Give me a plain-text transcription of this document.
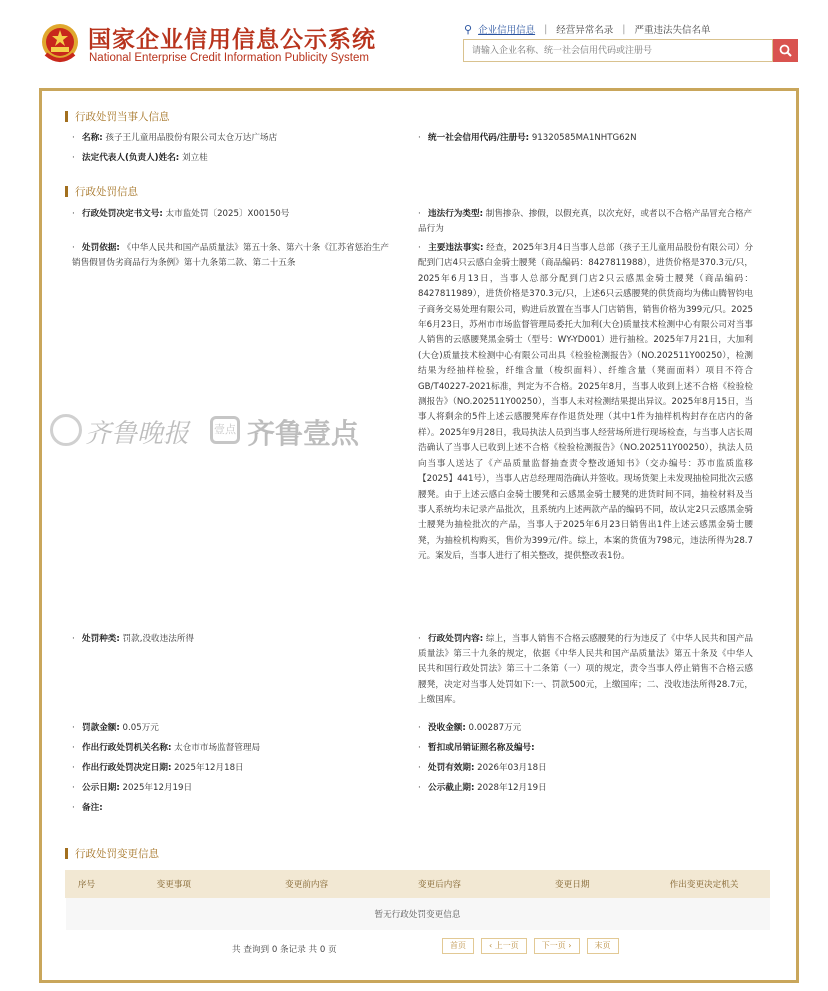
国家企业信用信息公示系统
National Enterprise Credit Information Publicity System
⚲ 企业信用信息 | 经营异常名录 | 严重违法失信名单
请输入企业名称、统一社会信用代码或注册号
行政处罚当事人信息
· 名称: 孩子王儿童用品股份有限公司太仓万达广场店	· 统一社会信用代码/注册号: 91320585MA1NHTG62N
· 法定代表人(负责人)姓名: 刘立桂
行政处罚信息
· 行政处罚决定书文号: 太市监处罚〔2025〕X00150号	· 违法行为类型: 制售掺杂、掺假，以假充真，以次充好，或者以不合格产品冒充合格产品行为
· 处罚依据: 《中华人民共和国产品质量法》第五十条、第六十条《江苏省惩治生产销售假冒伪劣商品行为条例》第十九条第二款、第二十五条
· 主要违法事实: 经查，2025年3月4日当事人总部（孩子王儿童用品股份有限公司）分配到门店4只云感白金骑士腰凳（商品编码：8427811988），进货价格是370.3元/只，2025年6月13日，当事人总部分配到门店2只云感黑金骑士腰凳（商品编码：8427811989），进货价格是370.3元/只，上述6只云感腰凳的供货商均为佛山腾智钧电子商务交易处理有限公司，购进后放置在当事人门店销售，销售价格为399元/只。2025年6月23日，苏州市市场监督管理局委托大加利(大仓)质量技术检测中心有限公司对当事人销售的云感腰凳黑金骑士（型号：WY-YD001）进行抽检。2025年7月21日，大加利(大仓)质量技术检测中心有限公司出具《检验检测报告》（NO.202511Y00250），检测结果为经抽样检验，纤维含量（梭织面料）、纤维含量（凳面面料）项目不符合 GB/T40227-2021标准，判定为不合格。2025年8月，当事人收到上述不合格《检验检测报告》（NO.202511Y00250），当事人未对检测结果提出异议。2025年8月15日，当事人将剩余的5件上述云感腰凳库存作退货处理（其中1件为抽样机构封存在店内的备样）。2025年9月28日，我局执法人员到当事人经营场所进行现场检查，与当事人店长周浩确认了当事人已收到上述不合格《检验检测报告》（NO.202511Y00250），执法人员向当事人送达了《产品质量监督抽查责令整改通知书》（交办编号：苏市监质监移【2025】441号），当事人店总经理周浩确认并签收。现场货架上未发现抽检同批次云感腰凳。由于上述云感白金骑士腰凳和云感黑金骑士腰凳的进货时间不同，抽检材料及当事人系统均未记录产品批次，且系统内上述两款产品的编码不同，故认定2只云感黑金骑士腰凳为抽检批次的产品，当事人于2025年6月23日销售出1件上述云感黑金骑士腰凳，为抽检机构购买，售价为399元/件。综上，本案的货值为798元，违法所得为28.7元。案发后，当事人进行了相关整改，提供整改表1份。
· 处罚种类: 罚款,没收违法所得	· 行政处罚内容: 综上，当事人销售不合格云感腰凳的行为违反了《中华人民共和国产品质量法》第三十九条的规定，依据《中华人民共和国产品质量法》第五十条及《中华人民共和国行政处罚法》第三十二条第（一）项的规定，责令当事人停止销售不合格云感腰凳，决定对当事人处罚如下:一、罚款500元，上缴国库；二、没收违法所得28.7元，上缴国库。
· 罚款金额: 0.05万元	· 没收金额: 0.00287万元
· 作出行政处罚机关名称: 太仓市市场监督管理局	· 暂扣或吊销证照名称及编号:
· 作出行政处罚决定日期: 2025年12月18日	· 处罚有效期: 2026年03月18日
· 公示日期: 2025年12月19日	· 公示截止期: 2028年12月19日
· 备注:
行政处罚变更信息
序号	变更事项	变更前内容	变更后内容	变更日期	作出变更决定机关
暂无行政处罚变更信息
共 查询到 0 条记录 共 0 页	首页	‹ 上一页	下一页 ›	末页
齐鲁晚报	壹点 齐鲁壹点
